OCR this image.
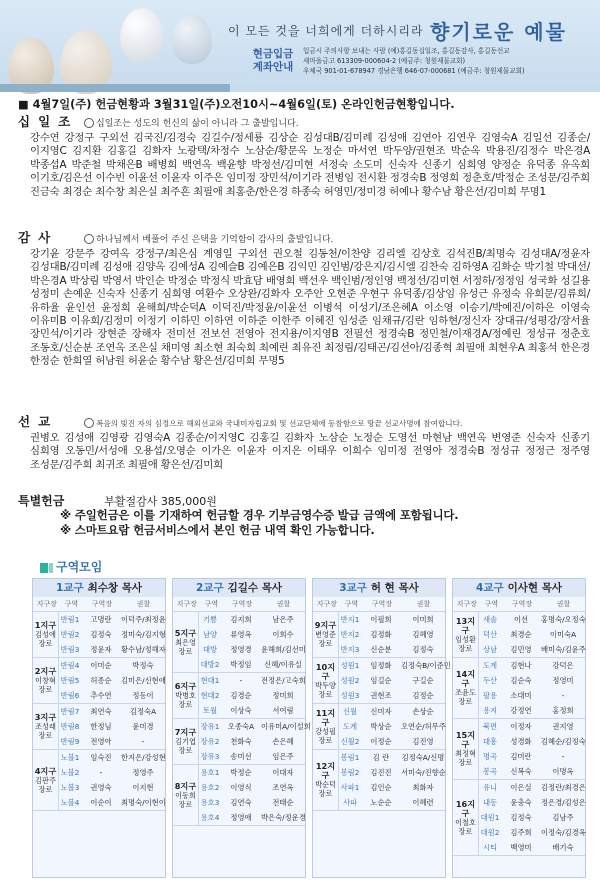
이 모든 것을 너희에게 더하시리라 향기로운 예물
현금입금 계좌안내
입금시 주의사항 보내는 사람 (예)홍길동십일조, 홍길동감사, 홍길동선교
새마을금고 613309-000604-2 (예금주: 청원제물교회)
우체국 901-01-678947 경남은행 646-07-000681 (예금주: 청원제물교회)
■ 4월7일(주) 헌금현황과 3월31일(주)오전10시~4월6일(토) 온라인헌금현황입니다.
십일조 십일조는 성도의 헌신의 삶이 아니라 그 출발입니다.

강수연 강정구 구외선 김국진/김경숙 김길수/정세룡 김상순 김성대B/김미례 김성애 김연아 김연우 김영숙A 김일선 김종순/이지영C 김지환 김홍길 김화자 노광택/차정수 노삼순/황문옥 노정순 마서연 박두양/권현조 박순옥 박용진/김정수 박은경A 박종섭A 박준철 박채은B 배병희 백연옥 백윤향 박정선/김미현 서정숙 소도미 신숙자 신종기 심희영 양정순 유덕종 유옥희 이기호/김은선 이수빈 이윤선 이윤자 이주은 임미정 장민석/이기라 전병임 전시환 정경숙B 정영희 정춘호/박정순 조성문/김주희 진금숙 최경순 최수창 최은실 최주흔 최필애 최홍춘/한은경 하종숙 허영민/정미경 허예나 황수남 황은선/김미희 무명1

감사	하나님께서 베풀어 주신 은택을 기억함이 감사의 출발입니다.

강기윤 강문주 강여옥 강정구/최은심 계영일 구외선 권오철 김동천/이찬양 김리엘 김상호 김석진B/최명숙 김성대A/정윤자 김성대B/김미례 김성애 김양옥 김예성A 김예슬B 김예은B 김익민 김인범/강은지/김시엘 김찬숙 김하영A 김화순 박기철 박대선/박은경A 박상림 박영서 박인순 박정순 박정식 박효담 배영희 백선우 백인범/정인영 백정선/김미현 서정하/정정임 성국화 성길용 성정미 손예운 신숙자 신종기 심희영 여환수 오상완/김화자 오주안 오현준 우현구 유덕종/김상임 유성근 유정숙 유희문/김류희/유하율 윤인선 윤정희 윤해희/박순덕A 이덕진/박정윤/이윤선 이병석 이성기/조은혜A 이소영 이승기/박예진/이하은 이영숙 이유미B 이유희/김정미 이정기 이하민 이하연 이하준 이한주 이혜진 임성준 임채규/김란 임하현/정신자 장대규/성평강/장서율 장민석/이기라 장현준 장해자 전미선 전보선 전영아 전지용/이지영B 전필선 정경숙B 정민철/이재경A/정예린 정성규 정춘호 조동호/신순분 조연옥 조은실 채미영 최소현 최숙희 최예린 최유진 최정림/김태곤/김선아/김종혁 최필애 최현우A 최홍석 한은경 한정순 한희열 허남원 허윤순 황수남 황은선/김미희 무명5

선교	복음의 빛진 자의 심정으로 해외선교와 국내미자립교회 및 선교단체에 동참함으로 땅끝 선교사명에 참여합니다.

권병오 김성애 김영광 김영숙A 김종순/이지영C 김홍길 김화자 노삼순 노정순 도영선 마현남 백연옥 변영준 신숙자 신종기 심희영 오동민/서성애 오용섭/오영순 이가은 이윤자 이지은 이태우 이희수 임미정 전영아 정경숙B 정성규 정정근 정주영 조성문/김주희 최귀조 최필애 황은선/김미희

특별헌금	부활절감사 385,000원
※ 주일헌금은 이를 기재하여 헌금할 경우 기부금영수증 발급 금액에 포함됩니다.
※ 스마트요람 헌금서비스에서 본인 헌금 내역 확인 가능합니다.
구역모임
1교구 최수창 목사
지구장	구역	구역장	권찰
1지구
김성애
장로
반림1	고명란	이덕주/최정윤
반림2	김정숙	정미숙/김지형
반림3	정윤자	황수남/정해자
2지구
이창혁
장로
반림4	이미순	박정숙
반림5	허종순	김미은/신현애
반림6	추수연	정동이
3지구
조성래
장로
반림7	최연숙	김정숙A
반림8	한정님	윤미경
반림9	전영아	-
4지구
김판주
장로
노블1	임숙진	한지은/강성현
노블2	-	정영주
노블3	권영숙	이지현
노블4	이순이	최명숙/이현이
2교구 김길수 목사
지구장	구역	구역장	권찰
5지구
최은영
장로
기쁨	김지희	남은주
남양	류영옥	이희수
대방	정영경	윤해희/김선미
대방2	박정임	신혜/이유실
6지구
박병호
장로
현대1	-	전정은/고숙희
현대2	김경순	정미희
토월	이상숙	서여림
7지구
김기엽
장로
장유1	오종숙A 이유미A/이설희
장유2	천화숙	손은혜
장유3	송미선	임은주
8지구
이동희
장로
용호1	박정순	이대자
용호2	이영식	조연옥
용호3	김연숙	전태순
용호4	정영애	박은숙/정운경
3교구 허 현 목사
지구장	구역	구역장	권찰
9지구
변영준
장로
반지1	이필희	이미희
반지2	김정화	김혜영
반지3	신순분	김정숙
10지구
박두양
장로
성원1	임정화	김정숙B/이준민
성원2	임길순	구길순
성원3	권현조	김정순
11지구
강성필
장로
신월	신미자	손상순
도계	박상순	오연순/허무주
신월2	이정순	김진영
12지구
박순덕
장로
봉림1	김 란	김정숙A/신명
봉림2	김진진	서미숙/진향순
사파1	김인순	최화자
사파	노순순	이혜련
4교구 이사현 목사
지구장	구역	구역장	권찰
13지구
임성환
장로
새솔	이선	홍명숙/오정숙
덕산	최경순	이미숙A
상남	김민영	배미숙/김윤주
14지구
조윤도
장로
도계	김현나	강덕은
두산	김순숙	정영미
팔용	소대미	-
용지	강정연	홍정희
15지구
최정혁
장로
북면	이정자	권지영
대흥	성경화	김혜순/김정숙
명곡	김미란	-
봉곡	신복숙	이명옥
16지구
이철호
장로
유니	이은실	김정란/최경은
내동	윤충숙	정은경/김성은
대원1	김정숙	김남주
대원2	김주희	이정숙/김경옥
시티	백영미	배기숙
